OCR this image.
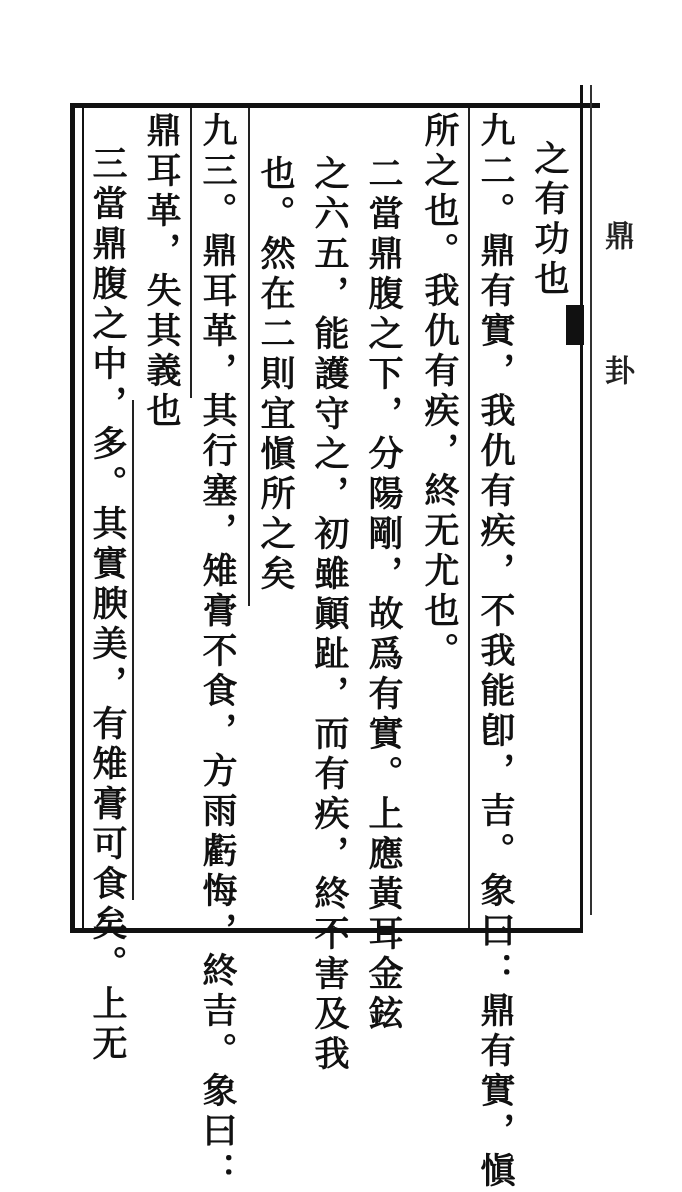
之有功也
九二。鼎有實，我仇有疾，不我能卽，吉。象曰：鼎有實，愼
所之也。我仇有疾，終无尤也。
二當鼎腹之下，分陽剛，故爲有實。上應黃耳金鉉
之六五，能護守之，初雖顚趾，而有疾，終不害及我
也。然在二則宜愼所之矣
九三。鼎耳革，其行塞，雉膏不食，方雨虧悔，終吉。象曰：
鼎耳革，失其義也
三當鼎腹之中，多。其實腴美，有雉膏可食矣。上无	鼎
卦
